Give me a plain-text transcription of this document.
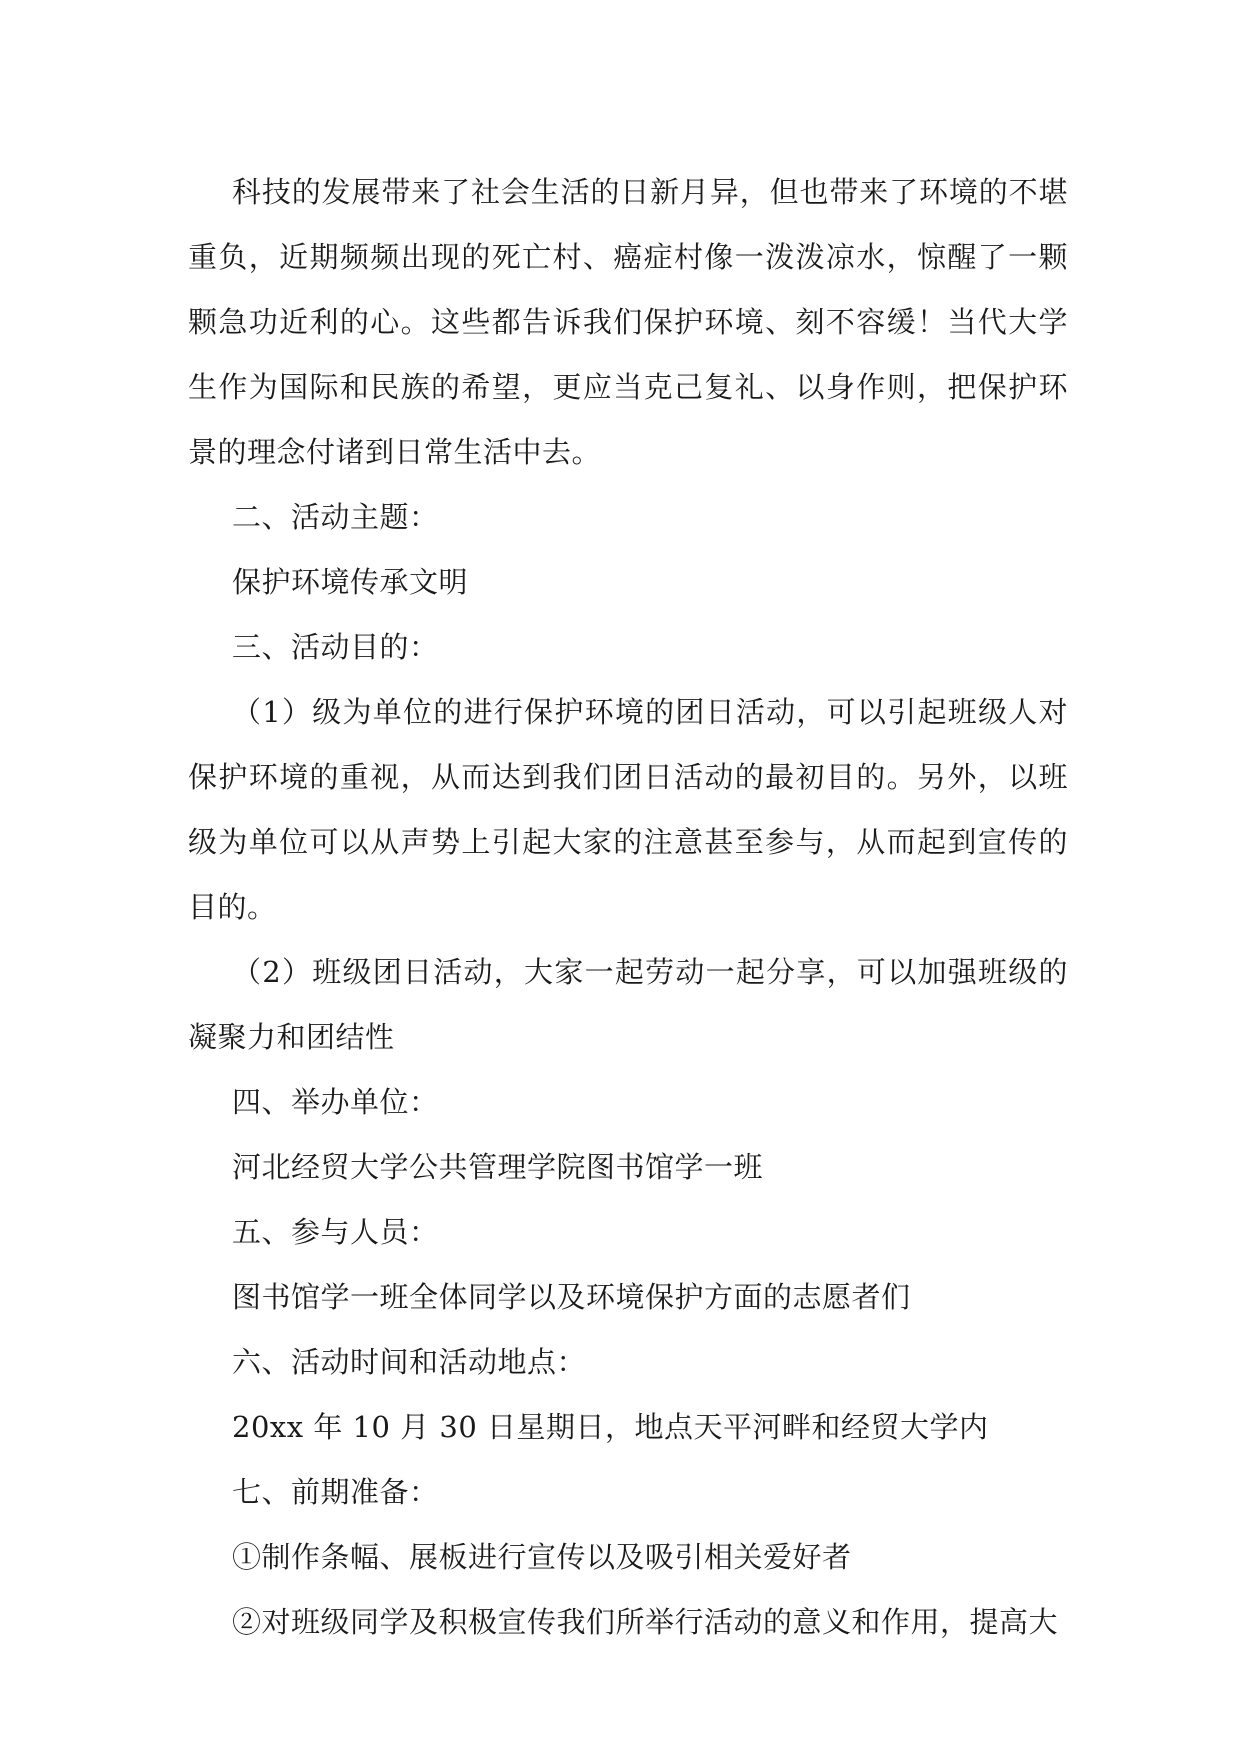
科技的发展带来了社会生活的日新月异，但也带来了环境的不堪重负，近期频频出现的死亡村、癌症村像一泼泼凉水，惊醒了一颗颗急功近利的心。这些都告诉我们保护环境、刻不容缓！当代大学生作为国际和民族的希望，更应当克己复礼、以身作则，把保护环景的理念付诸到日常生活中去。

二、活动主题：

保护环境传承文明

三、活动目的：

（1）级为单位的进行保护环境的团日活动，可以引起班级人对保护环境的重视，从而达到我们团日活动的最初目的。另外，以班级为单位可以从声势上引起大家的注意甚至参与，从而起到宣传的目的。

（2）班级团日活动，大家一起劳动一起分享，可以加强班级的凝聚力和团结性

四、举办单位：

河北经贸大学公共管理学院图书馆学一班

五、参与人员：

图书馆学一班全体同学以及环境保护方面的志愿者们

六、活动时间和活动地点：

20xx 年 10 月 30 日星期日，地点天平河畔和经贸大学内

七、前期准备：

①制作条幅、展板进行宣传以及吸引相关爱好者

②对班级同学及积极宣传我们所举行活动的意义和作用，提高大
